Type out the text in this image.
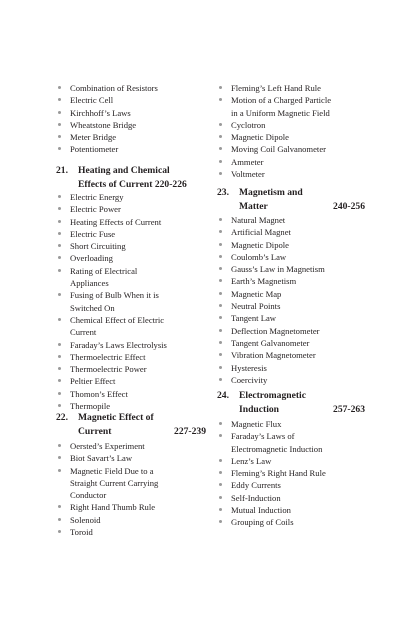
Combination of Resistors
Electric Cell
Kirchhoff’s Laws
Wheatstone Bridge
Meter Bridge
Potentiometer
21. Heating and Chemical
Effects of Current 220-226
Electric Energy
Electric Power
Heating Effects of Current
Electric Fuse
Short Circuiting
Overloading
Rating of Electrical
Appliances
Fusing of Bulb When it is
Switched On
Chemical Effect of Electric
Current
Faraday’s Laws Electrolysis
Thermoelectric Effect
Thermoelectric Power
Peltier Effect
Thomon’s Effect
Thermopile
22. Magnetic Effect of
Current	227-239
Oersted’s Experiment
Biot Savart’s Law
Magnetic Field Due to a
Straight Current Carrying
Conductor
Right Hand Thumb Rule
Solenoid
Toroid
Fleming’s Left Hand Rule
Motion of a Charged Particle
in a Uniform Magnetic Field
Cyclotron
Magnetic Dipole
Moving Coil Galvanometer
Ammeter
Voltmeter
23. Magnetism and
Matter	240-256
Natural Magnet
Artificial Magnet
Magnetic Dipole
Coulomb’s Law
Gauss’s Law in Magnetism
Earth’s Magnetism
Magnetic Map
Neutral Points
Tangent Law
Deflection Magnetometer
Tangent Galvanometer
Vibration Magnetometer
Hysteresis
Coercivity
24. Electromagnetic
Induction	257-263
Magnetic Flux
Faraday’s Laws of
Electromagnetic Induction
Lenz’s Law
Fleming’s Right Hand Rule
Eddy Currents
Self-Induction
Mutual Induction
Grouping of Coils
